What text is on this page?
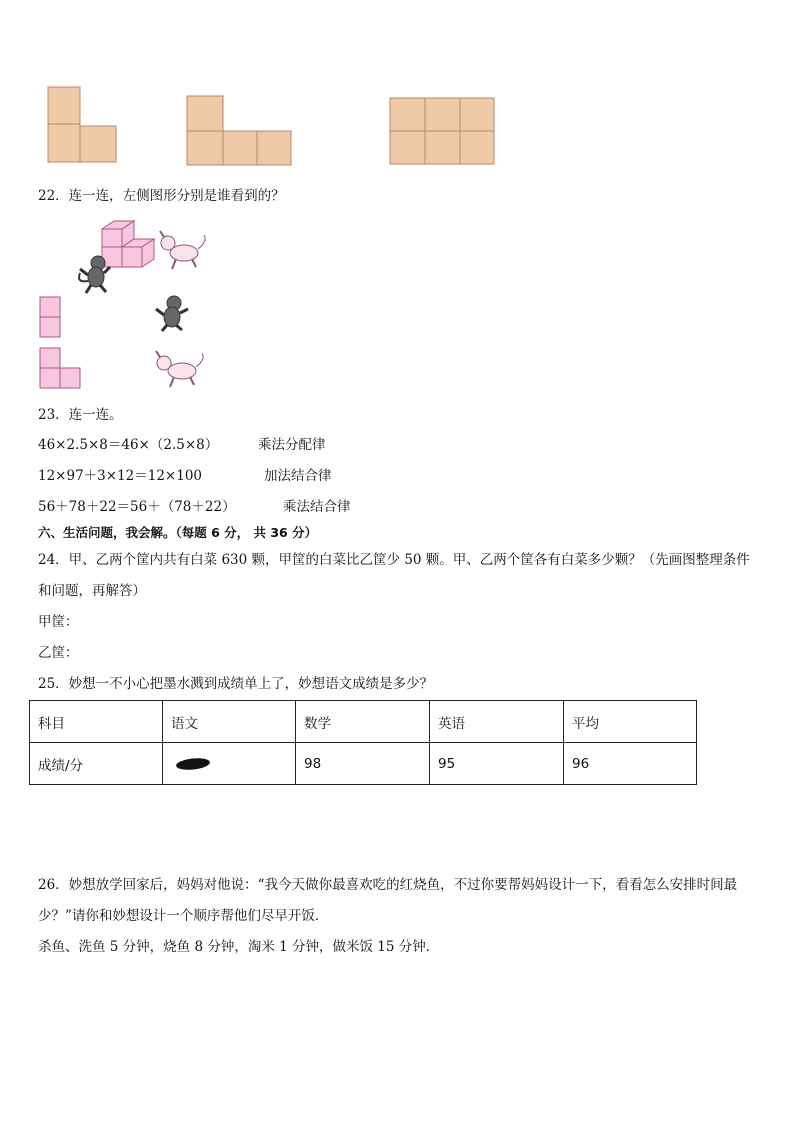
22．连一连，左侧图形分别是谁看到的？
23．连一连。
46×2.5×8＝46×（2.5×8）	乘法分配律
12×97＋3×12＝12×100	加法结合律
56＋78＋22＝56＋（78＋22）	乘法结合律
六、生活问题，我会解。（每题 6 分， 共 36 分）
24．甲、乙两个筐内共有白菜 630 颗，甲筐的白菜比乙筐少 50 颗。甲、乙两个筐各有白菜多少颗？（先画图整理条件
和问题，再解答）
甲筐：
乙筐：
25．妙想一不小心把墨水溅到成绩单上了，妙想语文成绩是多少？
科目	语文	数学	英语	平均
成绩/分		98	95	96
26．妙想放学回家后，妈妈对他说：“我今天做你最喜欢吃的红烧鱼，不过你要帮妈妈设计一下，看看怎么安排时间最
少？”请你和妙想设计一个顺序帮他们尽早开饭．
杀鱼、洗鱼 5 分钟，烧鱼 8 分钟，淘米 1 分钟，做米饭 15 分钟．
